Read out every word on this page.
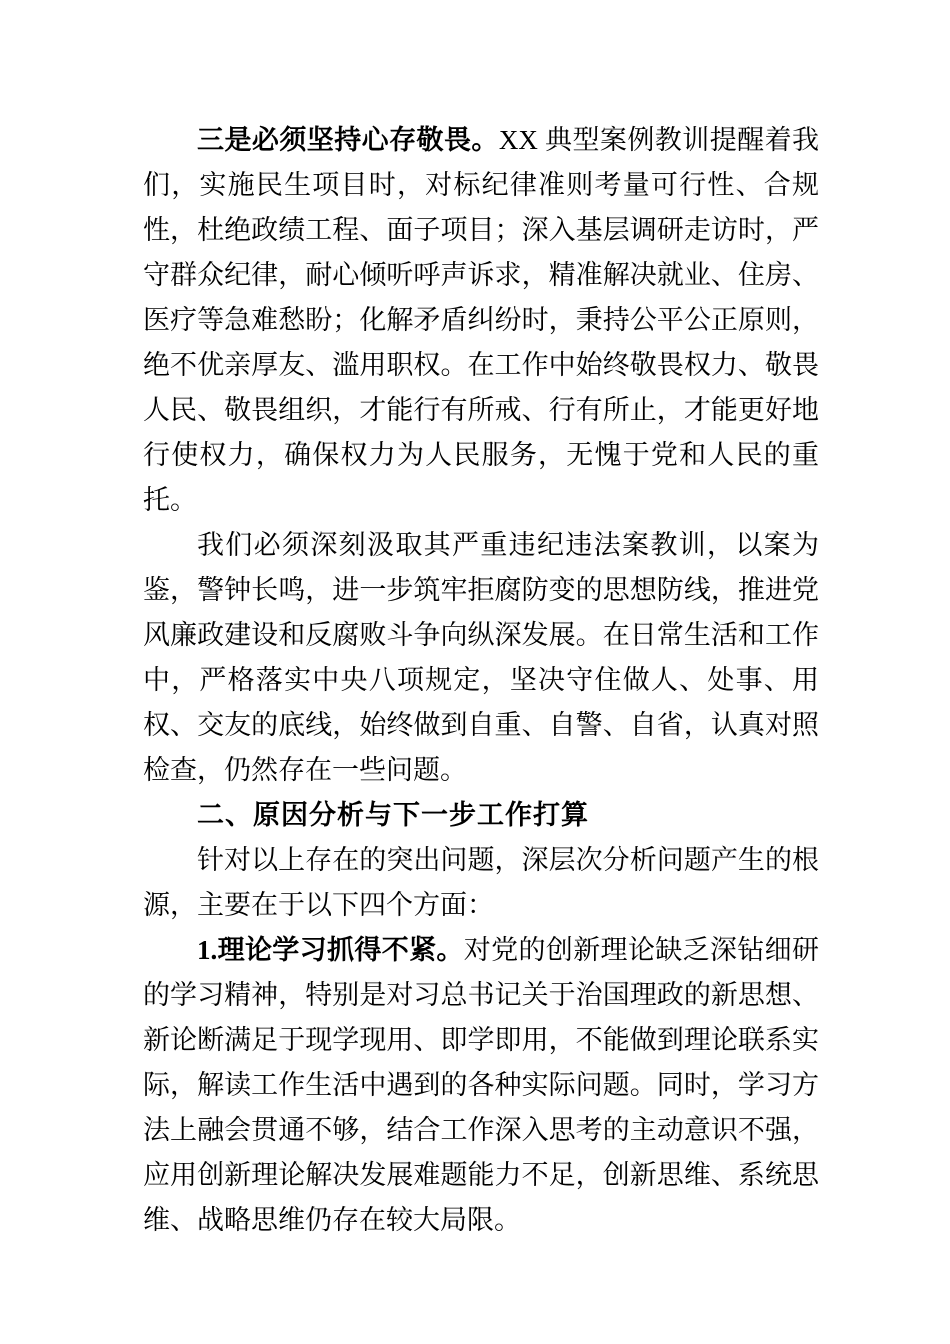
三是必须坚持心存敬畏。XX 典型案例教训提醒着我们，实施民生项目时，对标纪律准则考量可行性、合规性，杜绝政绩工程、面子项目；深入基层调研走访时，严守群众纪律，耐心倾听呼声诉求，精准解决就业、住房、医疗等急难愁盼；化解矛盾纠纷时，秉持公平公正原则，绝不优亲厚友、滥用职权。在工作中始终敬畏权力、敬畏人民、敬畏组织，才能行有所戒、行有所止，才能更好地行使权力，确保权力为人民服务，无愧于党和人民的重托。

我们必须深刻汲取其严重违纪违法案教训，以案为鉴，警钟长鸣，进一步筑牢拒腐防变的思想防线，推进党风廉政建设和反腐败斗争向纵深发展。在日常生活和工作中，严格落实中央八项规定，坚决守住做人、处事、用权、交友的底线，始终做到自重、自警、自省，认真对照检查，仍然存在一些问题。

二、原因分析与下一步工作打算

针对以上存在的突出问题，深层次分析问题产生的根源，主要在于以下四个方面：

1.理论学习抓得不紧。对党的创新理论缺乏深钻细研的学习精神，特别是对习总书记关于治国理政的新思想、新论断满足于现学现用、即学即用，不能做到理论联系实际，解读工作生活中遇到的各种实际问题。同时，学习方法上融会贯通不够，结合工作深入思考的主动意识不强，应用创新理论解决发展难题能力不足，创新思维、系统思维、战略思维仍存在较大局限。
